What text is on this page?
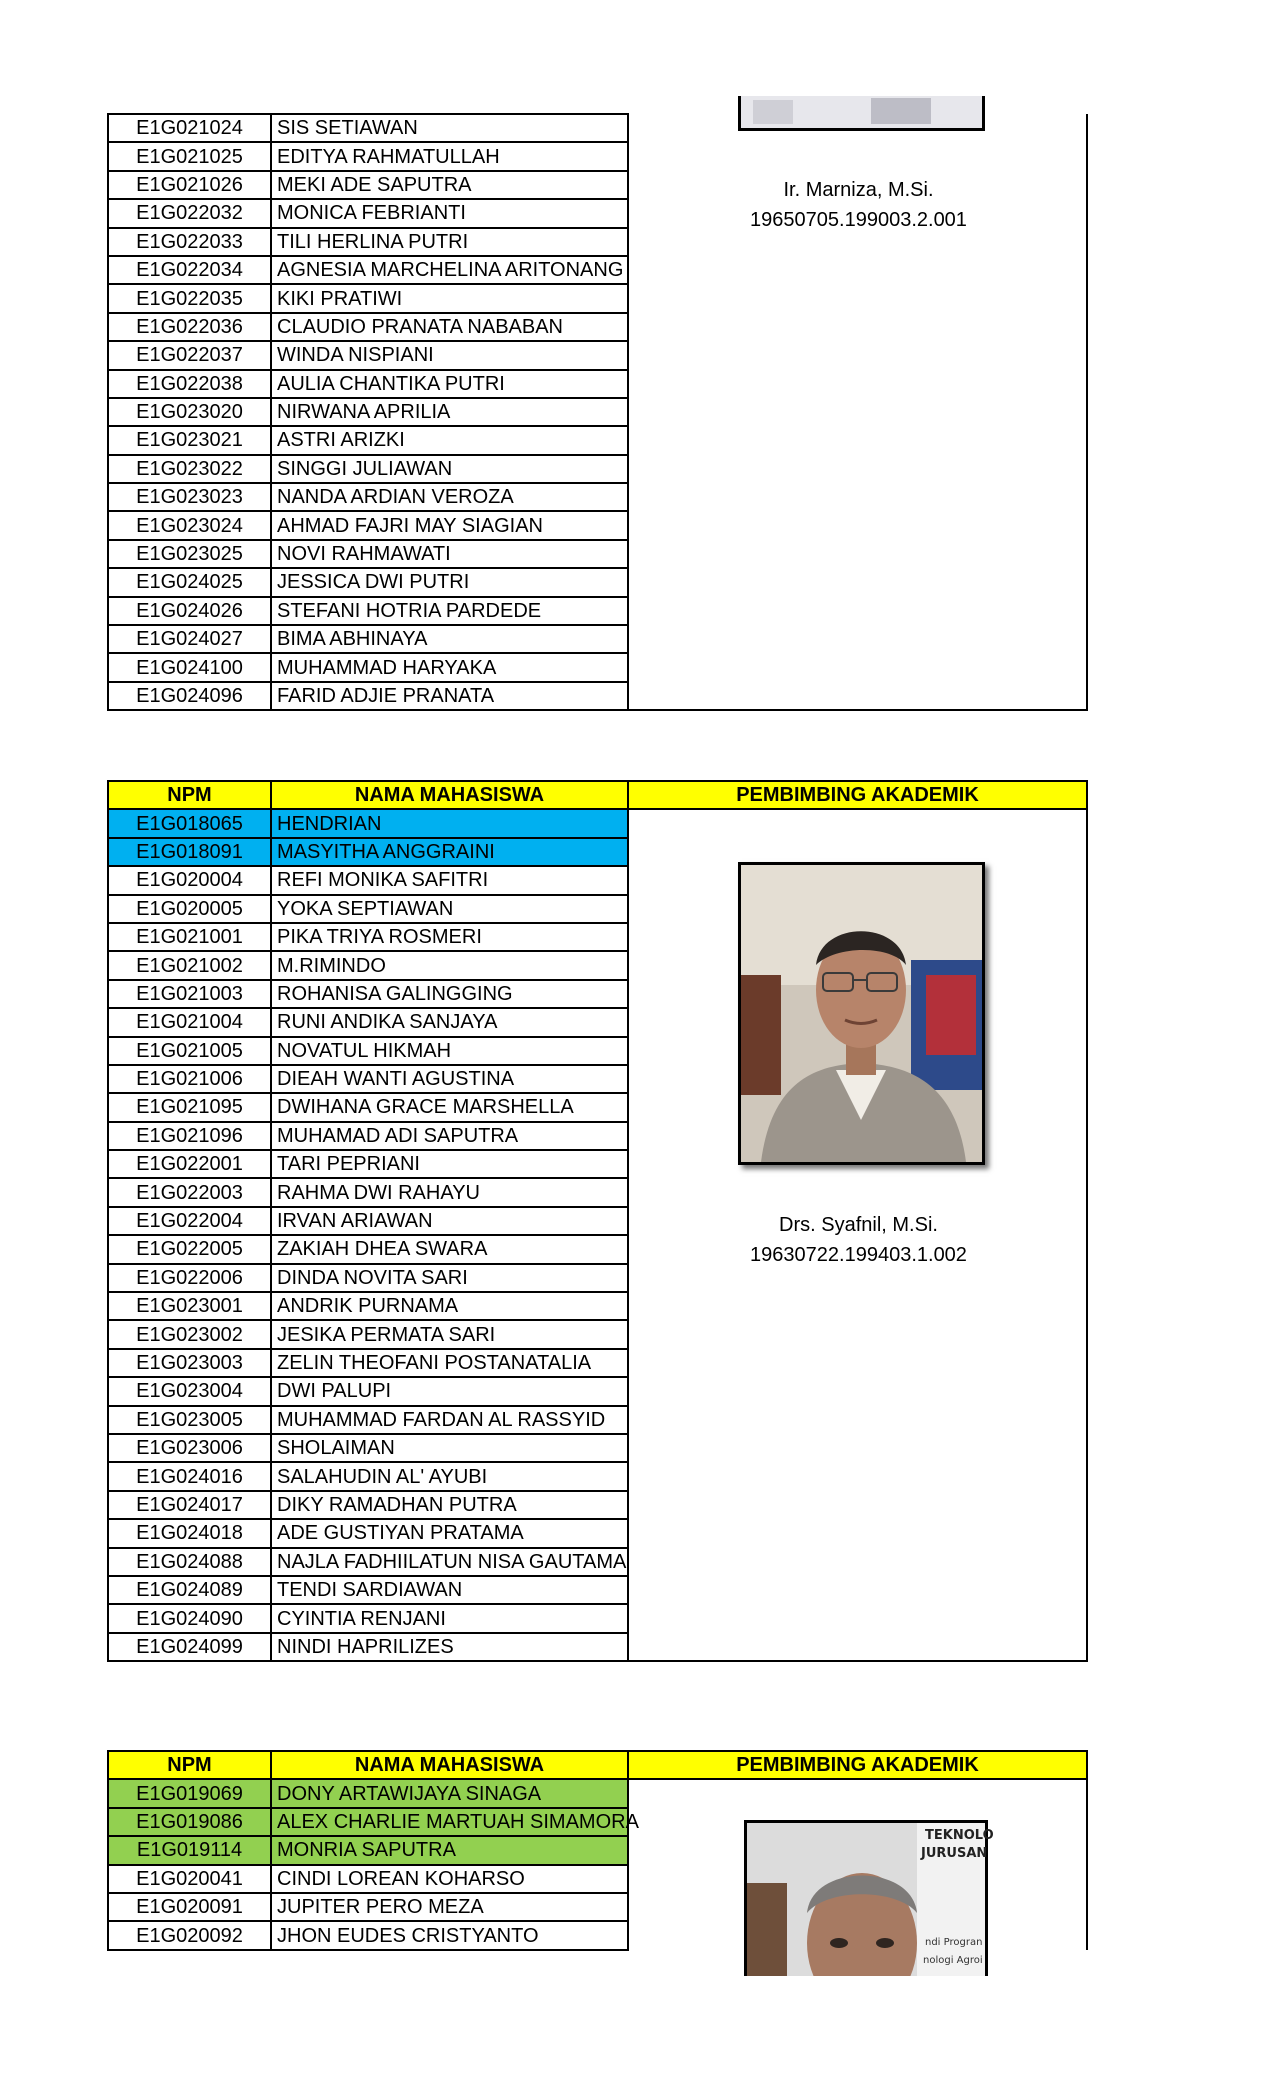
E1G021024	SIS SETIAWAN	
E1G021025	EDITYA RAHMATULLAH	
E1G021026	MEKI ADE SAPUTRA	
E1G022032	MONICA FEBRIANTI	
E1G022033	TILI HERLINA PUTRI	
E1G022034	AGNESIA MARCHELINA ARITONANG	
E1G022035	KIKI PRATIWI	
E1G022036	CLAUDIO PRANATA NABABAN	
E1G022037	WINDA NISPIANI	
E1G022038	AULIA CHANTIKA PUTRI	
E1G023020	NIRWANA APRILIA	
E1G023021	ASTRI ARIZKI	
E1G023022	SINGGI JULIAWAN	
E1G023023	NANDA ARDIAN VEROZA	
E1G023024	AHMAD FAJRI MAY SIAGIAN	
E1G023025	NOVI RAHMAWATI	
E1G024025	JESSICA DWI PUTRI	
E1G024026	STEFANI HOTRIA PARDEDE	
E1G024027	BIMA ABHINAYA	
E1G024100	MUHAMMAD HARYAKA	
E1G024096	FARID ADJIE PRANATA	
NPM	NAMA MAHASISWA	PEMBIMBING AKADEMIK
E1G018065	HENDRIAN	
E1G018091	MASYITHA ANGGRAINI	
E1G020004	REFI MONIKA SAFITRI	
E1G020005	YOKA SEPTIAWAN	
E1G021001	PIKA TRIYA ROSMERI	
E1G021002	M.RIMINDO	
E1G021003	ROHANISA GALINGGING	
E1G021004	RUNI ANDIKA SANJAYA	
E1G021005	NOVATUL HIKMAH	
E1G021006	DIEAH WANTI AGUSTINA	
E1G021095	DWIHANA GRACE MARSHELLA	
E1G021096	MUHAMAD ADI SAPUTRA	
E1G022001	TARI PEPRIANI	
E1G022003	RAHMA DWI RAHAYU	
E1G022004	IRVAN ARIAWAN	
E1G022005	ZAKIAH DHEA SWARA	
E1G022006	DINDA NOVITA SARI	
E1G023001	ANDRIK PURNAMA	
E1G023002	JESIKA PERMATA SARI	
E1G023003	ZELIN THEOFANI POSTANATALIA	
E1G023004	DWI PALUPI	
E1G023005	MUHAMMAD FARDAN AL RASSYID	
E1G023006	SHOLAIMAN	
E1G024016	SALAHUDIN AL' AYUBI	
E1G024017	DIKY RAMADHAN PUTRA	
E1G024018	ADE GUSTIYAN PRATAMA	
E1G024088	NAJLA FADHIILATUN NISA GAUTAMA	
E1G024089	TENDI SARDIAWAN	
E1G024090	CYINTIA RENJANI	
E1G024099	NINDI HAPRILIZES	
NPM	NAMA MAHASISWA	PEMBIMBING AKADEMIK
E1G019069	DONY ARTAWIJAYA SINAGA	
E1G019086	ALEX CHARLIE MARTUAH SIMAMORA	
E1G019114	MONRIA SAPUTRA	
E1G020041	CINDI LOREAN KOHARSO	
E1G020091	JUPITER PERO MEZA	
E1G020092	JHON EUDES CRISTYANTO	
Ir. Marniza, M.Si.
19650705.199003.2.001
Drs. Syafnil, M.Si.
19630722.199403.1.002
TEKNOLO
JURUSAN
ndi Progran
nologi Agroi
